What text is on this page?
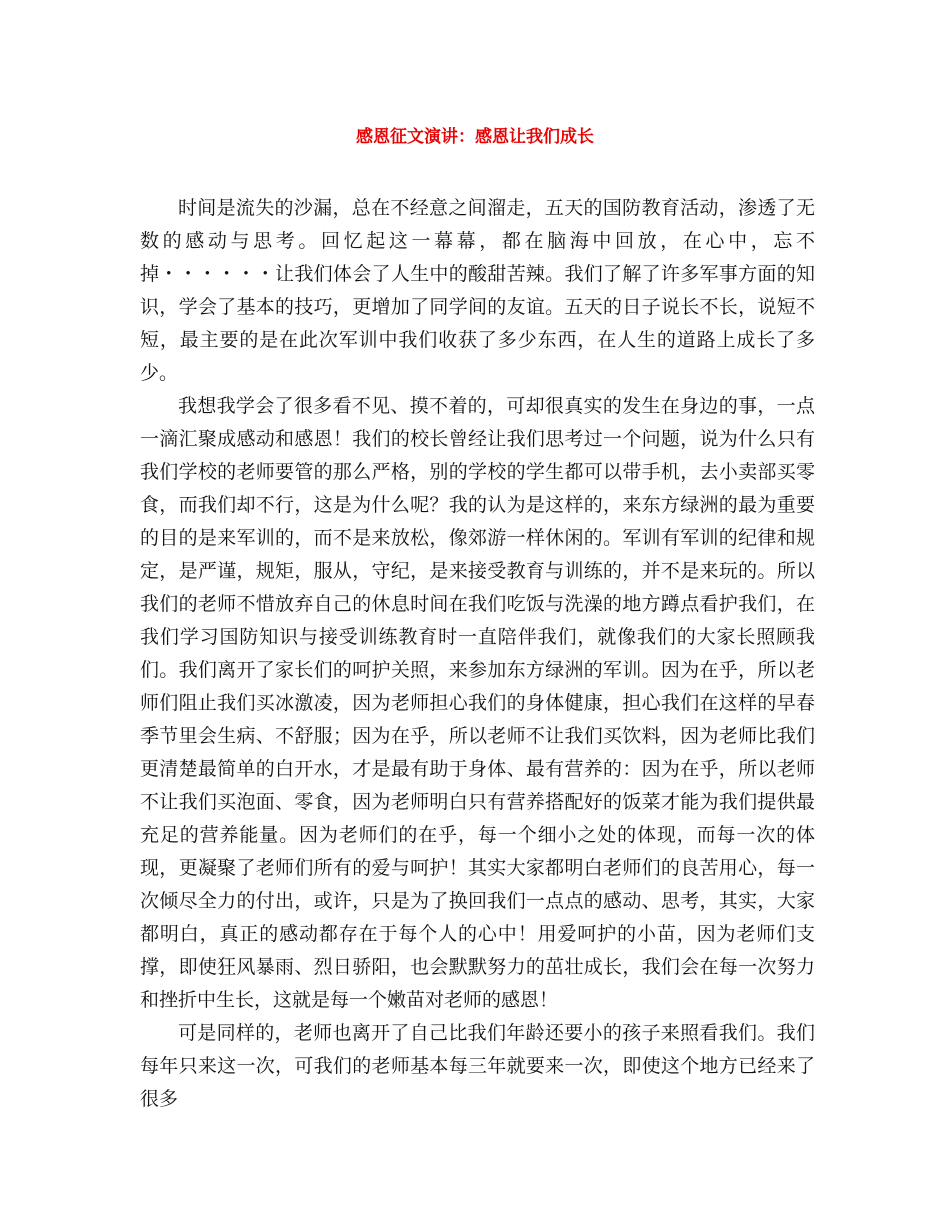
感恩征文演讲：感恩让我们成长

时间是流失的沙漏，总在不经意之间溜走，五天的国防教育活动，渗透了无数的感动与思考。回忆起这一幕幕，都在脑海中回放，在心中，忘不掉・・・・・・让我们体会了人生中的酸甜苦辣。我们了解了许多军事方面的知识，学会了基本的技巧，更增加了同学间的友谊。五天的日子说长不长，说短不短，最主要的是在此次军训中我们收获了多少东西，在人生的道路上成长了多少。

我想我学会了很多看不见、摸不着的，可却很真实的发生在身边的事，一点一滴汇聚成感动和感恩！我们的校长曾经让我们思考过一个问题，说为什么只有我们学校的老师要管的那么严格，别的学校的学生都可以带手机，去小卖部买零食，而我们却不行，这是为什么呢？我的认为是这样的，来东方绿洲的最为重要的目的是来军训的，而不是来放松，像郊游一样休闲的。军训有军训的纪律和规定，是严谨，规矩，服从，守纪，是来接受教育与训练的，并不是来玩的。所以我们的老师不惜放弃自己的休息时间在我们吃饭与洗澡的地方蹲点看护我们，在我们学习国防知识与接受训练教育时一直陪伴我们，就像我们的大家长照顾我们。我们离开了家长们的呵护关照，来参加东方绿洲的军训。因为在乎，所以老师们阻止我们买冰激凌，因为老师担心我们的身体健康，担心我们在这样的早春季节里会生病、不舒服；因为在乎，所以老师不让我们买饮料，因为老师比我们更清楚最简单的白开水，才是最有助于身体、最有营养的：因为在乎，所以老师不让我们买泡面、零食，因为老师明白只有营养搭配好的饭菜才能为我们提供最充足的营养能量。因为老师们的在乎，每一个细小之处的体现，而每一次的体现，更凝聚了老师们所有的爱与呵护！其实大家都明白老师们的良苦用心，每一次倾尽全力的付出，或许，只是为了换回我们一点点的感动、思考，其实，大家都明白，真正的感动都存在于每个人的心中！用爱呵护的小苗，因为老师们支撑，即使狂风暴雨、烈日骄阳，也会默默努力的茁壮成长，我们会在每一次努力和挫折中生长，这就是每一个嫩苗对老师的感恩！

可是同样的，老师也离开了自己比我们年龄还要小的孩子来照看我们。我们每年只来这一次，可我们的老师基本每三年就要来一次，即使这个地方已经来了很多
